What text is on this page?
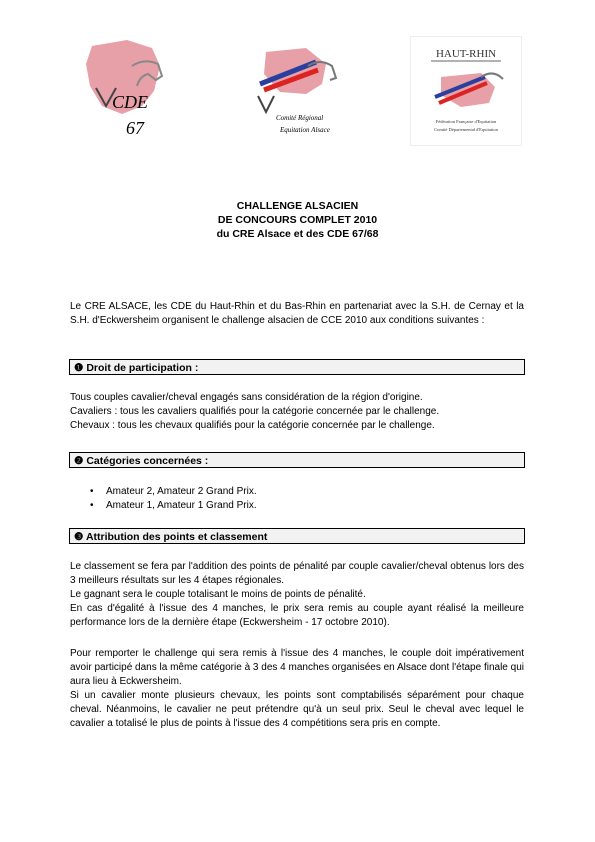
CDE
67	Comité Régional
Equitation Alsace
HAUT-RHIN
Fédération Française d'Equitation
Comité Départemental d'Equitation
CHALLENGE ALSACIEN
DE CONCOURS COMPLET 2010
du CRE Alsace et des CDE 67/68
Le CRE ALSACE, les CDE du Haut-Rhin et du Bas-Rhin en partenariat avec la S.H. de Cernay et la S.H. d'Eckwersheim organisent le challenge alsacien de CCE 2010 aux conditions suivantes :
❶ Droit de participation :
Tous couples cavalier/cheval engagés sans considération de la région d'origine.
Cavaliers : tous les cavaliers qualifiés pour la catégorie concernée par le challenge.
Chevaux : tous les chevaux qualifiés pour la catégorie concernée par le challenge.
❷ Catégories concernées :
•	Amateur 2, Amateur 2 Grand Prix.
•	Amateur 1, Amateur 1 Grand Prix.
❸ Attribution des points et classement
Le classement se fera par l'addition des points de pénalité par couple cavalier/cheval obtenus lors des 3 meilleurs résultats sur les 4 étapes régionales.
Le gagnant sera le couple totalisant le moins de points de pénalité.
En cas d'égalité à l'issue des 4 manches, le prix sera remis au couple ayant réalisé la meilleure performance lors de la dernière étape (Eckwersheim - 17 octobre 2010).
Pour remporter le challenge qui sera remis à l'issue des 4 manches, le couple doit impérativement avoir participé dans la même catégorie à 3 des 4 manches organisées en Alsace dont l'étape finale qui aura lieu à Eckwersheim.
Si un cavalier monte plusieurs chevaux, les points sont comptabilisés séparément pour chaque cheval. Néanmoins, le cavalier ne peut prétendre qu'à un seul prix. Seul le cheval avec lequel le cavalier a totalisé le plus de points à l'issue des 4 compétitions sera pris en compte.
